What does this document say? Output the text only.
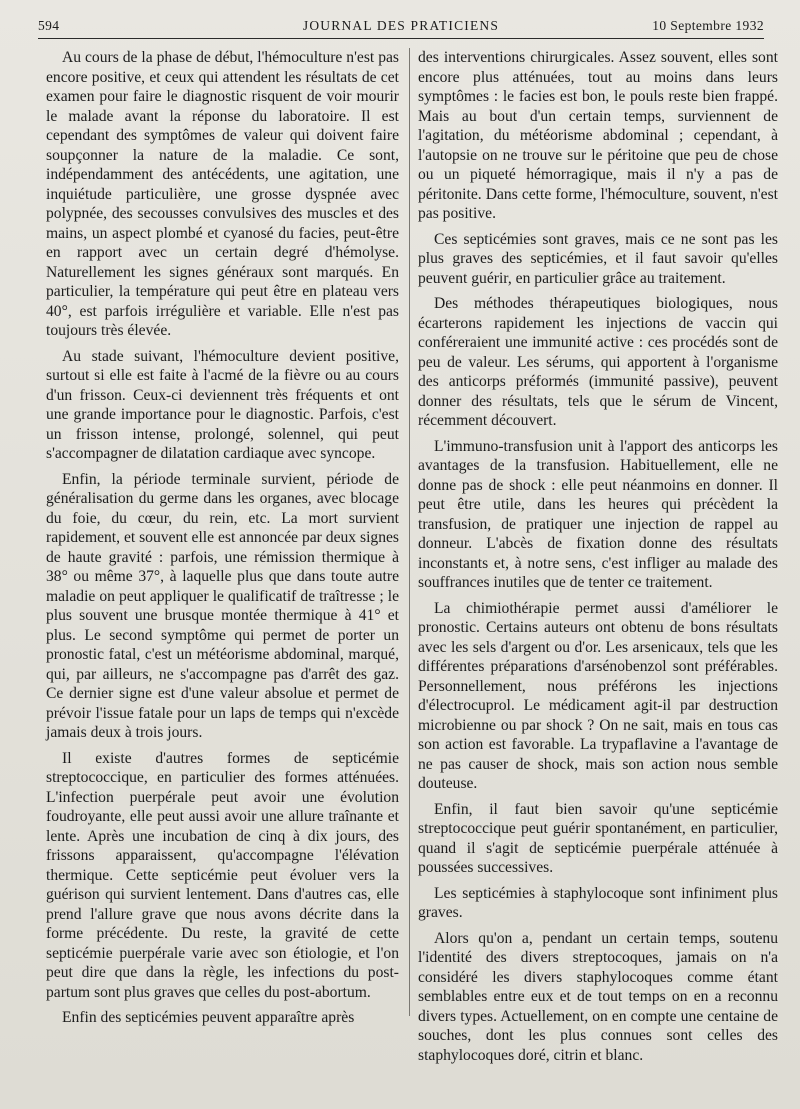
594	JOURNAL DES PRATICIENS	10 Septembre 1932

Au cours de la phase de début, l'hémoculture n'est pas encore positive, et ceux qui attendent les résultats de cet examen pour faire le diagnostic risquent de voir mourir le malade avant la réponse du laboratoire. Il est cependant des symptômes de valeur qui doivent faire soupçonner la nature de la maladie. Ce sont, indépendamment des antécédents, une agitation, une inquiétude particulière, une grosse dyspnée avec polypnée, des secousses convulsives des muscles et des mains, un aspect plombé et cyanosé du facies, peut-être en rapport avec un certain degré d'hémolyse. Naturellement les signes généraux sont marqués. En particulier, la température qui peut être en plateau vers 40°, est parfois irrégulière et variable. Elle n'est pas toujours très élevée.

Au stade suivant, l'hémoculture devient positive, surtout si elle est faite à l'acmé de la fièvre ou au cours d'un frisson. Ceux-ci deviennent très fréquents et ont une grande importance pour le diagnostic. Parfois, c'est un frisson intense, prolongé, solennel, qui peut s'accompagner de dilatation cardiaque avec syncope.

Enfin, la période terminale survient, période de généralisation du germe dans les organes, avec blocage du foie, du cœur, du rein, etc. La mort survient rapidement, et souvent elle est annoncée par deux signes de haute gravité : parfois, une rémission thermique à 38° ou même 37°, à laquelle plus que dans toute autre maladie on peut appliquer le qualificatif de traîtresse ; le plus souvent une brusque montée thermique à 41° et plus. Le second symptôme qui permet de porter un pronostic fatal, c'est un météorisme abdominal, marqué, qui, par ailleurs, ne s'accompagne pas d'arrêt des gaz. Ce dernier signe est d'une valeur absolue et permet de prévoir l'issue fatale pour un laps de temps qui n'excède jamais deux à trois jours.

Il existe d'autres formes de septicémie streptococcique, en particulier des formes atténuées. L'infection puerpérale peut avoir une évolution foudroyante, elle peut aussi avoir une allure traînante et lente. Après une incubation de cinq à dix jours, des frissons apparaissent, qu'accompagne l'élévation thermique. Cette septicémie peut évoluer vers la guérison qui survient lentement. Dans d'autres cas, elle prend l'allure grave que nous avons décrite dans la forme précédente. Du reste, la gravité de cette septicémie puerpérale varie avec son étiologie, et l'on peut dire que dans la règle, les infections du post-partum sont plus graves que celles du post-abortum.

Enfin des septicémies peuvent apparaître après

des interventions chirurgicales. Assez souvent, elles sont encore plus atténuées, tout au moins dans leurs symptômes : le facies est bon, le pouls reste bien frappé. Mais au bout d'un certain temps, surviennent de l'agitation, du météorisme abdominal ; cependant, à l'autopsie on ne trouve sur le péritoine que peu de chose ou un piqueté hémorragique, mais il n'y a pas de péritonite. Dans cette forme, l'hémoculture, souvent, n'est pas positive.

Ces septicémies sont graves, mais ce ne sont pas les plus graves des septicémies, et il faut savoir qu'elles peuvent guérir, en particulier grâce au traitement.

Des méthodes thérapeutiques biologiques, nous écarterons rapidement les injections de vaccin qui conféreraient une immunité active : ces procédés sont de peu de valeur. Les sérums, qui apportent à l'organisme des anticorps préformés (immunité passive), peuvent donner des résultats, tels que le sérum de Vincent, récemment découvert.

L'immuno-transfusion unit à l'apport des anticorps les avantages de la transfusion. Habituellement, elle ne donne pas de shock : elle peut néanmoins en donner. Il peut être utile, dans les heures qui précèdent la transfusion, de pratiquer une injection de rappel au donneur. L'abcès de fixation donne des résultats inconstants et, à notre sens, c'est infliger au malade des souffrances inutiles que de tenter ce traitement.

La chimiothérapie permet aussi d'améliorer le pronostic. Certains auteurs ont obtenu de bons résultats avec les sels d'argent ou d'or. Les arsenicaux, tels que les différentes préparations d'arsénobenzol sont préférables. Personnellement, nous préférons les injections d'électrocuprol. Le médicament agit-il par destruction microbienne ou par shock ? On ne sait, mais en tous cas son action est favorable. La trypaflavine a l'avantage de ne pas causer de shock, mais son action nous semble douteuse.

Enfin, il faut bien savoir qu'une septicémie streptococcique peut guérir spontanément, en particulier, quand il s'agit de septicémie puerpérale atténuée à poussées successives.

Les septicémies à staphylocoque sont infiniment plus graves.

Alors qu'on a, pendant un certain temps, soutenu l'identité des divers streptocoques, jamais on n'a considéré les divers staphylocoques comme étant semblables entre eux et de tout temps on en a reconnu divers types. Actuellement, on en compte une centaine de souches, dont les plus connues sont celles des staphylocoques doré, citrin et blanc.
